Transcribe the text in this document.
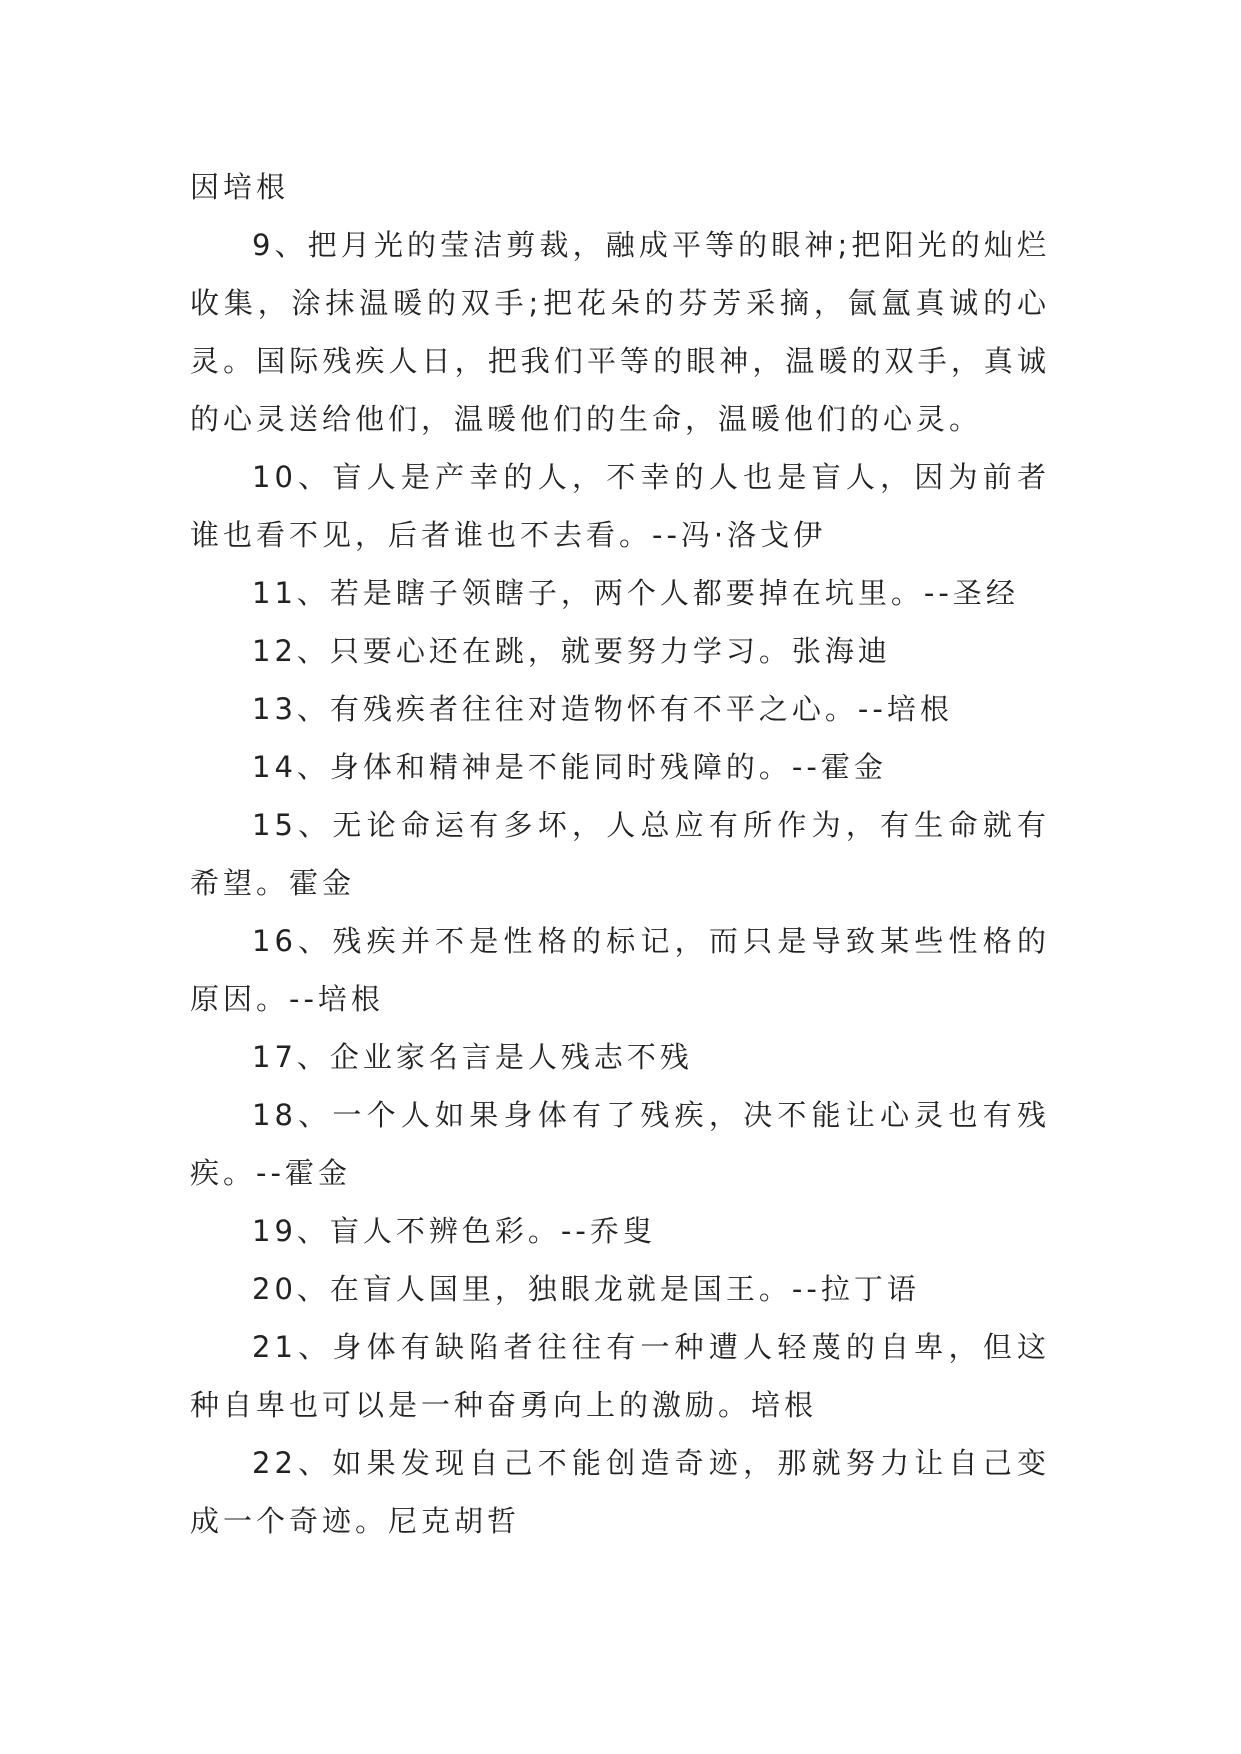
因培根

9、把月光的莹洁剪裁，融成平等的眼神;把阳光的灿烂收集，涂抹温暖的双手;把花朵的芬芳采摘，氤氲真诚的心灵。国际残疾人日，把我们平等的眼神，温暖的双手，真诚的心灵送给他们，温暖他们的生命，温暖他们的心灵。

10、盲人是产幸的人，不幸的人也是盲人，因为前者谁也看不见，后者谁也不去看。--冯·洛戈伊

11、若是瞎子领瞎子，两个人都要掉在坑里。--圣经

12、只要心还在跳，就要努力学习。张海迪

13、有残疾者往往对造物怀有不平之心。--培根

14、身体和精神是不能同时残障的。--霍金

15、无论命运有多坏，人总应有所作为，有生命就有希望。霍金

16、残疾并不是性格的标记，而只是导致某些性格的原因。--培根

17、企业家名言是人残志不残

18、一个人如果身体有了残疾，决不能让心灵也有残疾。--霍金

19、盲人不辨色彩。--乔叟

20、在盲人国里，独眼龙就是国王。--拉丁语

21、身体有缺陷者往往有一种遭人轻蔑的自卑，但这种自卑也可以是一种奋勇向上的激励。培根

22、如果发现自己不能创造奇迹，那就努力让自己变成一个奇迹。尼克胡哲
